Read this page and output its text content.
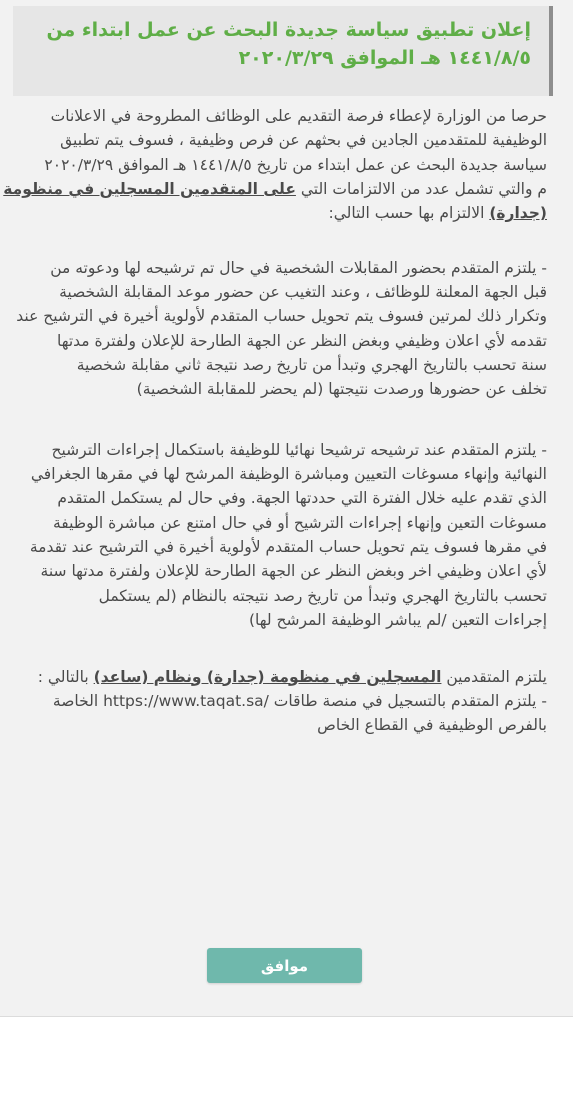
إعلان تطبيق سياسة جديدة البحث عن عمل ابتداء من
١٤٤١/٨/٥ هـ الموافق ٢٠٢٠/٣/٢٩
حرصا من الوزارة لإعطاء فرصة التقديم على الوظائف المطروحة في الاعلانات
الوظيفية للمتقدمين الجادين في بحثهم عن فرص وظيفية ، فسوف يتم تطبيق
سياسة جديدة البحث عن عمل ابتداء من تاريخ ١٤٤١/٨/٥ هـ الموافق ٢٠٢٠/٣/٢٩
م والتي تشمل عدد من الالتزامات التي على المتقدمين المسجلين في منظومة
(جدارة) الالتزام بها حسب التالي:
- يلتزم المتقدم بحضور المقابلات الشخصية في حال تم ترشيحه لها ودعوته من
قبل الجهة المعلنة للوظائف ، وعند التغيب عن حضور موعد المقابلة الشخصية
وتكرار ذلك لمرتين فسوف يتم تحويل حساب المتقدم لأولوية أخيرة في الترشيح عند
تقدمه لأي اعلان وظيفي وبغض النظر عن الجهة الطارحة للإعلان ولفترة مدتها
سنة تحسب بالتاريخ الهجري وتبدأ من تاريخ رصد نتيجة ثاني مقابلة شخصية
تخلف عن حضورها ورصدت نتيجتها (لم يحضر للمقابلة الشخصية)
- يلتزم المتقدم عند ترشيحه ترشيحا نهائيا للوظيفة باستكمال إجراءات الترشيح
النهائية وإنهاء مسوغات التعيين ومباشرة الوظيفة المرشح لها في مقرها الجغرافي
الذي تقدم عليه خلال الفترة التي حددتها الجهة. وفي حال لم يستكمل المتقدم
مسوغات التعين وإنهاء إجراءات الترشيح أو في حال امتنع عن مباشرة الوظيفة
في مقرها فسوف يتم تحويل حساب المتقدم لأولوية أخيرة في الترشيح عند تقدمة
لأي اعلان وظيفي اخر وبغض النظر عن الجهة الطارحة للإعلان ولفترة مدتها سنة
تحسب بالتاريخ الهجري وتبدأ من تاريخ رصد نتيجته بالنظام (لم يستكمل
إجراءات التعين /لم يباشر الوظيفة المرشح لها)
يلتزم المتقدمين المسجلين في منظومة (جدارة) ونظام (ساعد) بالتالي :
- يلتزم المتقدم بالتسجيل في منصة طاقات https://www.taqat.sa/ الخاصة
بالفرص الوظيفية في القطاع الخاص
موافق
